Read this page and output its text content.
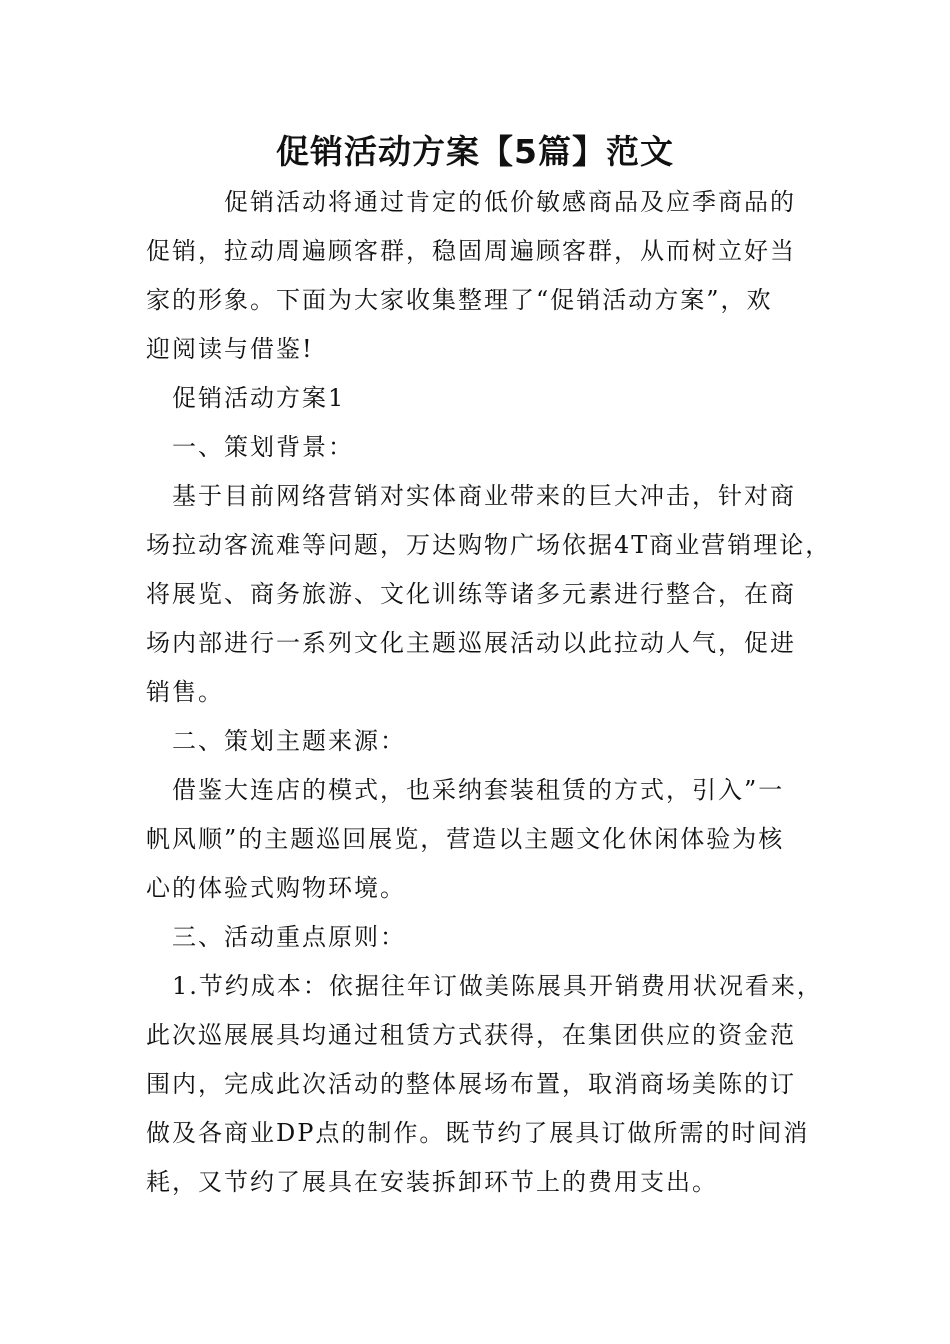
促销活动方案【5篇】范文

促销活动将通过肯定的低价敏感商品及应季商品的
促销，拉动周遍顾客群，稳固周遍顾客群，从而树立好当
家的形象。下面为大家收集整理了“促销活动方案”，欢
迎阅读与借鉴!

促销活动方案1

一、策划背景：

基于目前网络营销对实体商业带来的巨大冲击，针对商
场拉动客流难等问题，万达购物广场依据4T商业营销理论，
将展览、商务旅游、文化训练等诸多元素进行整合，在商
场内部进行一系列文化主题巡展活动以此拉动人气，促进
销售。

二、策划主题来源：

借鉴大连店的模式，也采纳套装租赁的方式，引入”一
帆风顺”的主题巡回展览，营造以主题文化休闲体验为核
心的体验式购物环境。

三、活动重点原则：

1.节约成本：依据往年订做美陈展具开销费用状况看来，
此次巡展展具均通过租赁方式获得，在集团供应的资金范
围内，完成此次活动的整体展场布置，取消商场美陈的订
做及各商业DP点的制作。既节约了展具订做所需的时间消
耗，又节约了展具在安装拆卸环节上的费用支出。
